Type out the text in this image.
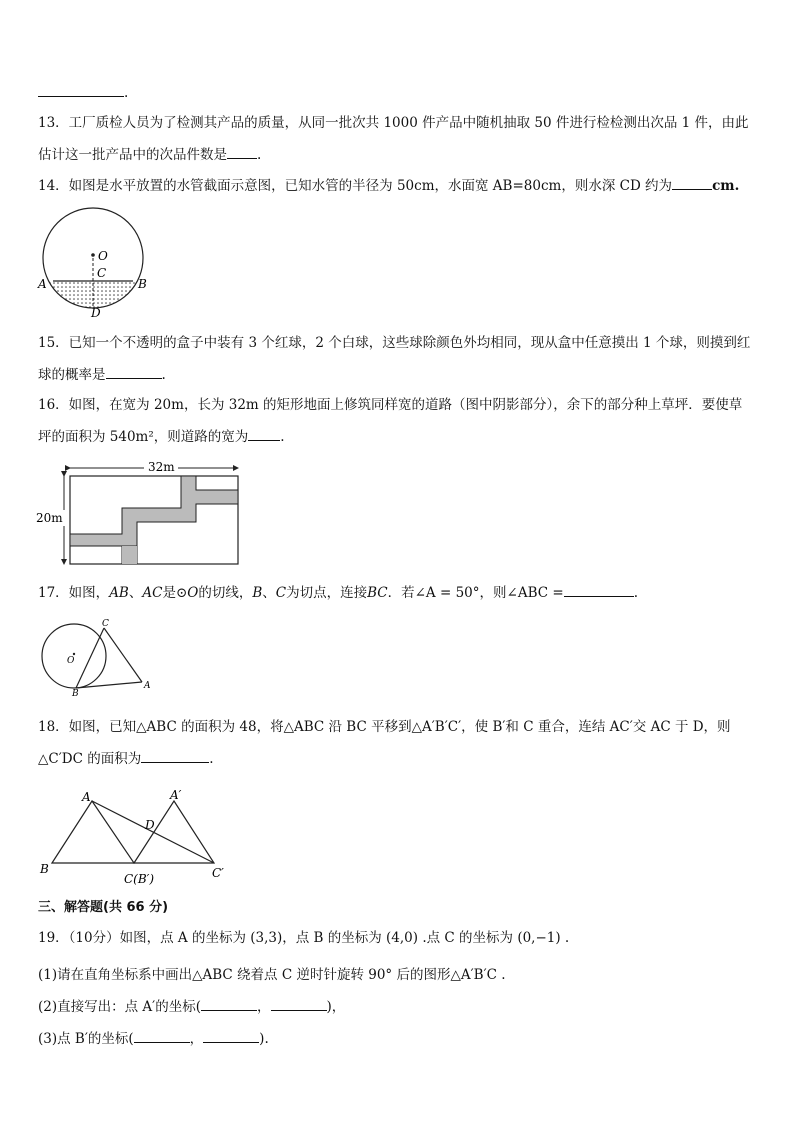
.
13．工厂质检人员为了检测其产品的质量，从同一批次共 1000 件产品中随机抽取 50 件进行检检测出次品 1 件，由此
估计这一批产品中的次品件数是 .
14．如图是水平放置的水管截面示意图，已知水管的半径为 50cm，水面宽 AB=80cm，则水深 CD 约为	cm.
O
C
A	B
D
15．已知一个不透明的盒子中装有 3 个红球，2 个白球，这些球除颜色外均相同，现从盒中任意摸出 1 个球，则摸到红
球的概率是	.
16．如图，在宽为 20m，长为 32m 的矩形地面上修筑同样宽的道路（图中阴影部分），余下的部分种上草坪．要使草
坪的面积为 540m²，则道路的宽为 .
32m
20m
17．如图，AB、AC是⊙O的切线，B、C为切点，连接BC．若∠A = 50°，则∠ABC =	.
C
O
B
A
18．如图，已知△ABC 的面积为 48，将△ABC 沿 BC 平移到△A′B′C′，使 B′和 C 重合，连结 AC′交 AC 于 D，则
△C′DC 的面积为	.
A	A′
D
B
C(B′)	C′
三、解答题(共 66 分)
19．（10分）如图，点 A 的坐标为 (3,3)，点 B 的坐标为 (4,0) .点 C 的坐标为 (0,−1) .
(1)请在直角坐标系中画出△ABC 绕着点 C 逆时针旋转 90° 后的图形△A′B′C .
(2)直接写出：点 A′的坐标(	，	)，
(3)点 B′的坐标(	，	).
